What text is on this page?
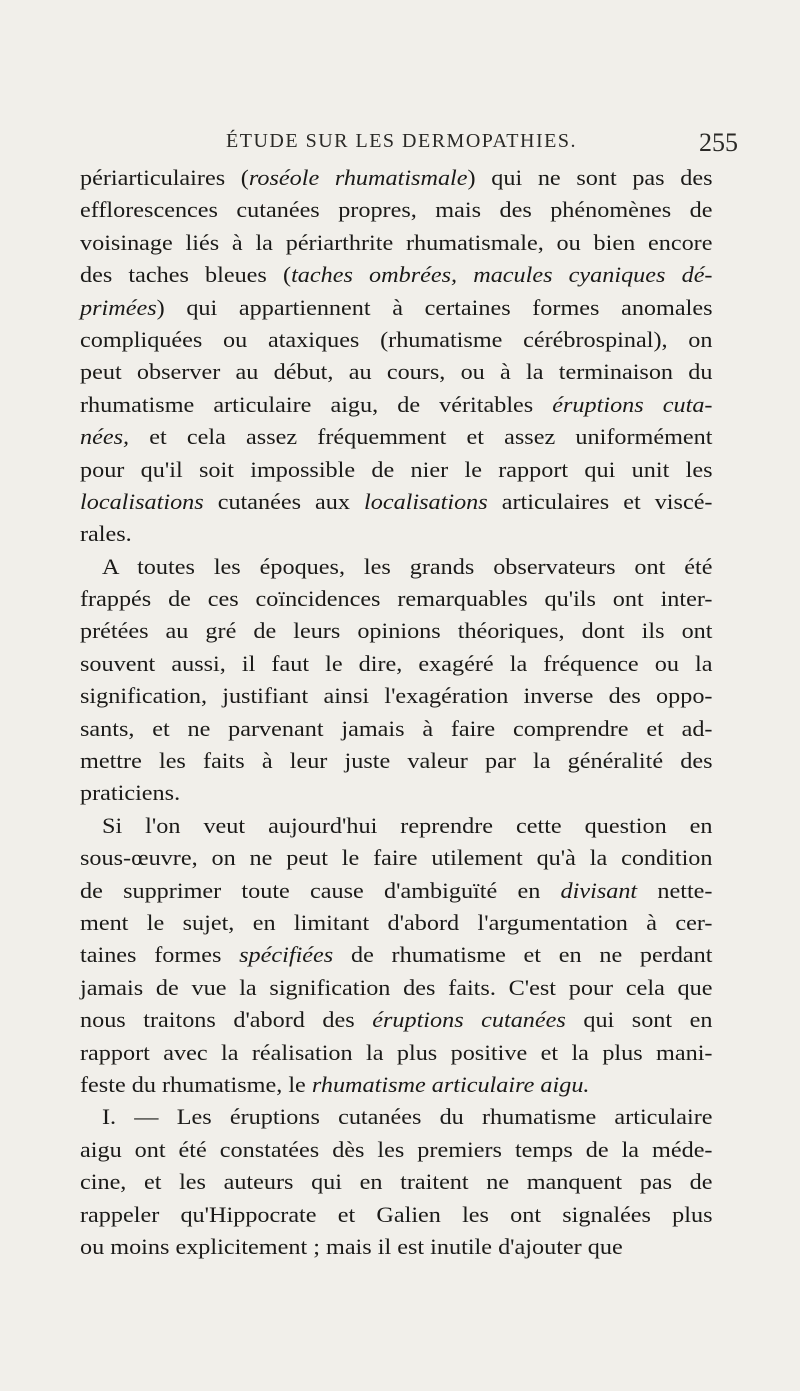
ÉTUDE SUR LES DERMOPATHIES.	255
périarticulaires (roséole rhumatismale) qui ne sont pas des
efflorescences cutanées propres, mais des phénomènes de
voisinage liés à la périarthrite rhumatismale, ou bien encore
des taches bleues (taches ombrées, macules cyaniques dé-
primées) qui appartiennent à certaines formes anomales
compliquées ou ataxiques (rhumatisme cérébrospinal), on
peut observer au début, au cours, ou à la terminaison du
rhumatisme articulaire aigu, de véritables éruptions cuta-
nées, et cela assez fréquemment et assez uniformément
pour qu'il soit impossible de nier le rapport qui unit les
localisations cutanées aux localisations articulaires et viscé-
rales.
A toutes les époques, les grands observateurs ont été
frappés de ces coïncidences remarquables qu'ils ont inter-
prétées au gré de leurs opinions théoriques, dont ils ont
souvent aussi, il faut le dire, exagéré la fréquence ou la
signification, justifiant ainsi l'exagération inverse des oppo-
sants, et ne parvenant jamais à faire comprendre et ad-
mettre les faits à leur juste valeur par la généralité des
praticiens.
Si l'on veut aujourd'hui reprendre cette question en
sous-œuvre, on ne peut le faire utilement qu'à la condition
de supprimer toute cause d'ambiguïté en divisant nette-
ment le sujet, en limitant d'abord l'argumentation à cer-
taines formes spécifiées de rhumatisme et en ne perdant
jamais de vue la signification des faits. C'est pour cela que
nous traitons d'abord des éruptions cutanées qui sont en
rapport avec la réalisation la plus positive et la plus mani-
feste du rhumatisme, le rhumatisme articulaire aigu.
I. — Les éruptions cutanées du rhumatisme articulaire
aigu ont été constatées dès les premiers temps de la méde-
cine, et les auteurs qui en traitent ne manquent pas de
rappeler qu'Hippocrate et Galien les ont signalées plus
ou moins explicitement ; mais il est inutile d'ajouter que
